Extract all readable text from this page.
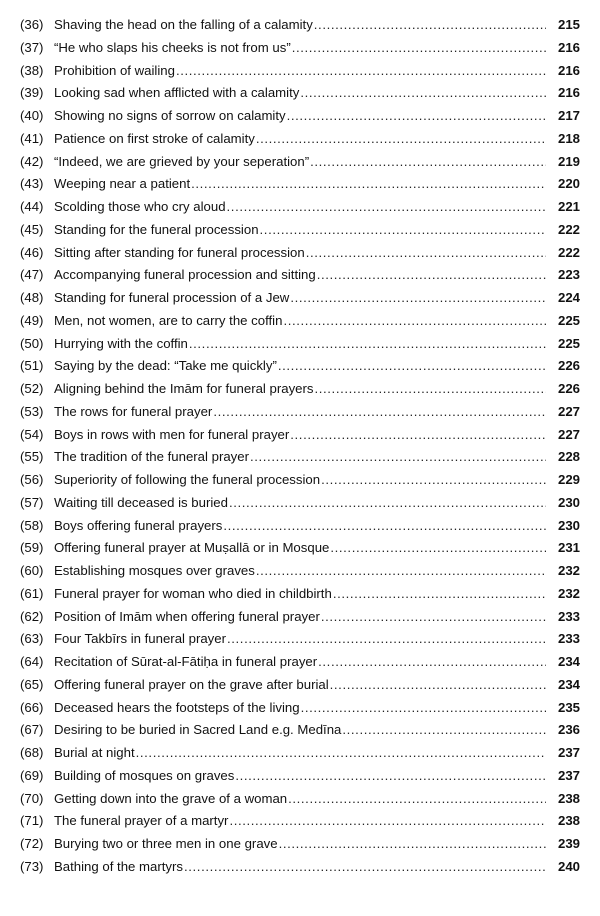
(36) Shaving the head on the falling of a calamity .....	215
(37) “He who slaps his cheeks is not from us” .....	216
(38) Prohibition of wailing .....	216
(39) Looking sad when afflicted with a calamity .....	216
(40) Showing no signs of sorrow on calamity .....	217
(41) Patience on first stroke of calamity .....	218
(42) “Indeed, we are grieved by your seperation” .....	219
(43) Weeping near a patient .....	220
(44) Scolding those who cry aloud .....	221
(45) Standing for the funeral procession .....	222
(46) Sitting after standing for funeral procession .....	222
(47) Accompanying funeral procession and sitting .....	223
(48) Standing for funeral procession of a Jew .....	224
(49) Men, not women, are to carry the coffin .....	225
(50) Hurrying with the coffin .....	225
(51) Saying by the dead: “Take me quickly” .....	226
(52) Aligning behind the Imām for funeral prayers .....	226
(53) The rows for funeral prayer .....	227
(54) Boys in rows with men for funeral prayer .....	227
(55) The tradition of the funeral prayer .....	228
(56) Superiority of following the funeral procession .....	229
(57) Waiting till deceased is buried .....	230
(58) Boys offering funeral prayers .....	230
(59) Offering funeral prayer at Muṣallā or in Mosque .....	231
(60) Establishing mosques over graves .....	232
(61) Funeral prayer for woman who died in childbirth .....	232
(62) Position of Imām when offering funeral prayer .....	233
(63) Four Takbīrs in funeral prayer .....	233
(64) Recitation of Sūrat-al-Fātiḥa in funeral prayer .....	234
(65) Offering funeral prayer on the grave after burial .....	234
(66) Deceased hears the footsteps of the living .....	235
(67) Desiring to be buried in Sacred Land e.g. Medīna .....	236
(68) Burial at night .....	237
(69) Building of mosques on graves .....	237
(70) Getting down into the grave of a woman .....	238
(71) The funeral prayer of a martyr .....	238
(72) Burying two or three men in one grave .....	239
(73) Bathing of the martyrs .....	240
